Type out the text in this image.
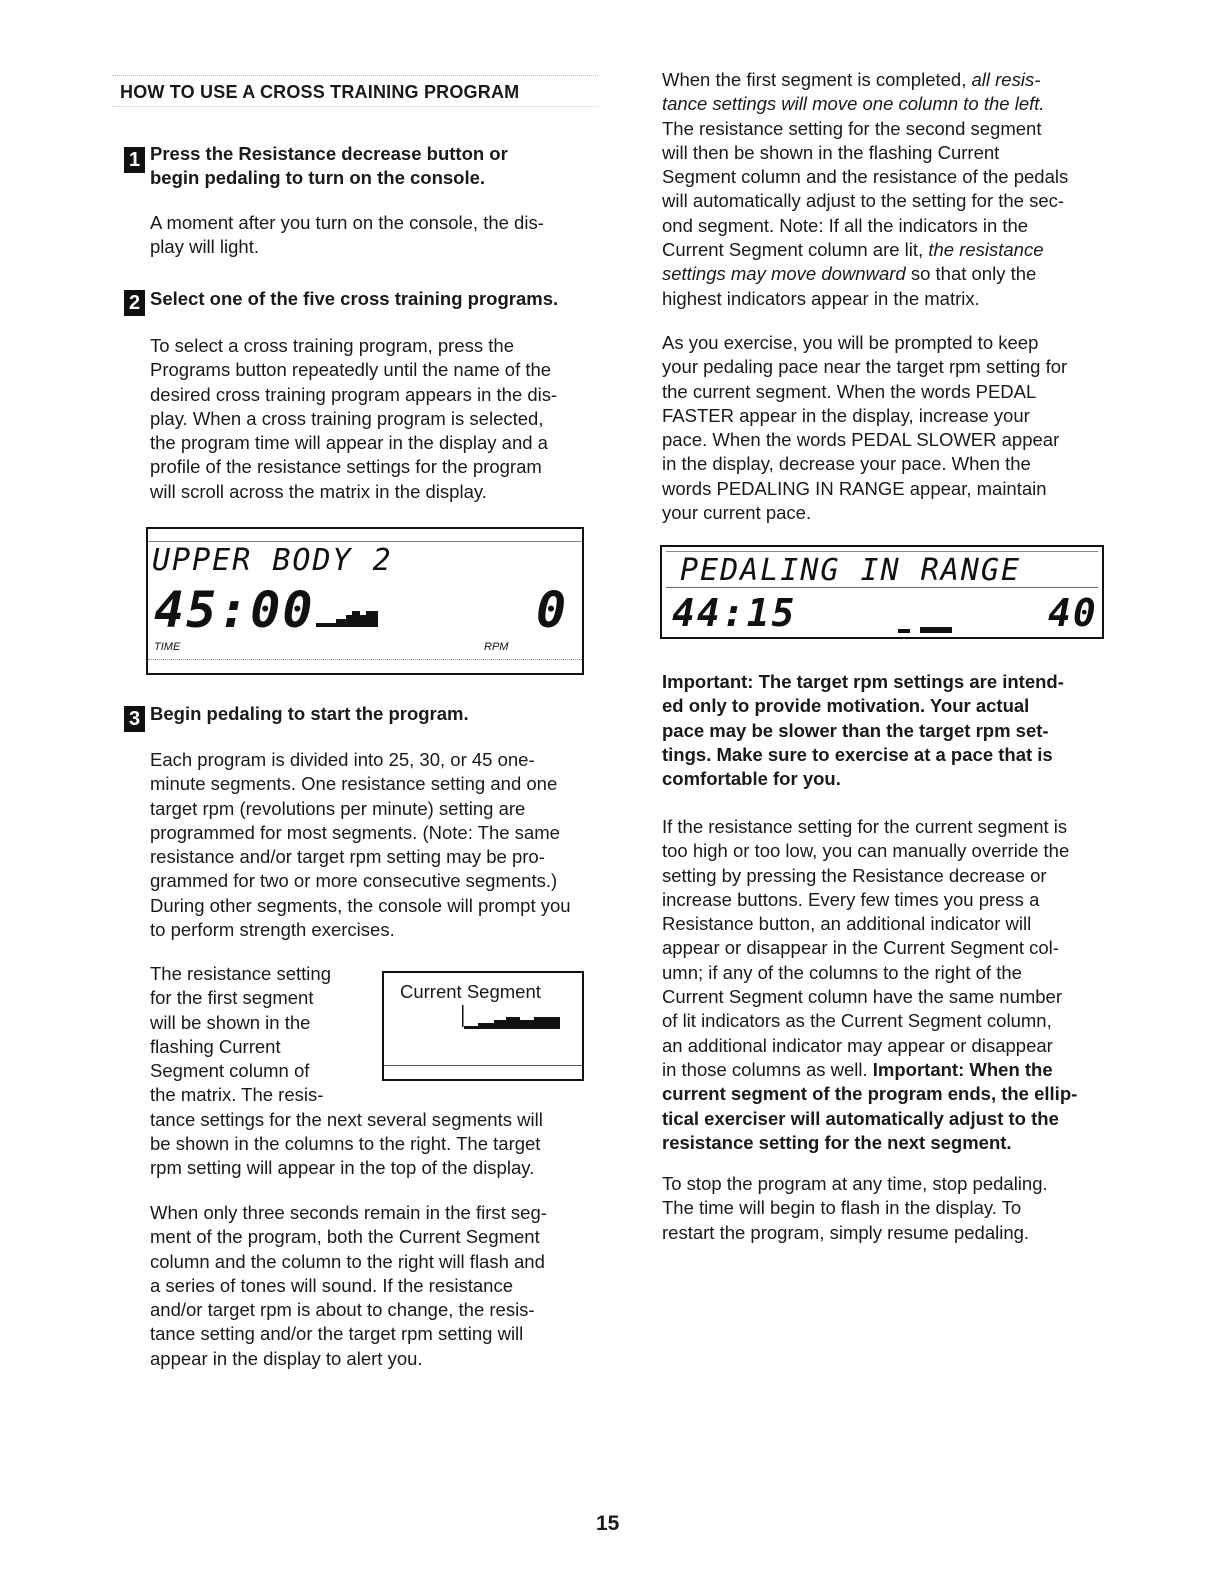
HOW TO USE A CROSS TRAINING PROGRAM
1 Press the Resistance decrease button or

begin pedaling to turn on the console.

A moment after you turn on the console, the dis-

play will light.

2 Select one of the five cross training programs.

To select a cross training program, press the

Programs button repeatedly until the name of the

desired cross training program appears in the dis-

play. When a cross training program is selected,

the program time will appear in the display and a

profile of the resistance settings for the program

will scroll across the matrix in the display.

UPPER BODY 2
45:00	0
TIME	RPM
3 Begin pedaling to start the program.

Each program is divided into 25, 30, or 45 one-

minute segments. One resistance setting and one

target rpm (revolutions per minute) setting are

programmed for most segments. (Note: The same

resistance and/or target rpm setting may be pro-

grammed for two or more consecutive segments.)

During other segments, the console will prompt you

to perform strength exercises.

The resistance setting

for the first segment

will be shown in the

flashing Current

Segment column of

the matrix. The resis-

tance settings for the next several segments will

be shown in the columns to the right. The target

rpm setting will appear in the top of the display.

Current Segment

When only three seconds remain in the first seg-

ment of the program, both the Current Segment

column and the column to the right will flash and

a series of tones will sound. If the resistance

and/or target rpm is about to change, the resis-

tance setting and/or the target rpm setting will

appear in the display to alert you.

When the first segment is completed, all resis-

tance settings will move one column to the left.

The resistance setting for the second segment

will then be shown in the flashing Current

Segment column and the resistance of the pedals

will automatically adjust to the setting for the sec-

ond segment. Note: If all the indicators in the

Current Segment column are lit, the resistance

settings may move downward so that only the

highest indicators appear in the matrix.

As you exercise, you will be prompted to keep

your pedaling pace near the target rpm setting for

the current segment. When the words PEDAL

FASTER appear in the display, increase your

pace. When the words PEDAL SLOWER appear

in the display, decrease your pace. When the

words PEDALING IN RANGE appear, maintain

your current pace.

PEDALING IN RANGE
44:15	40

Important: The target rpm settings are intend-

ed only to provide motivation. Your actual

pace may be slower than the target rpm set-

tings. Make sure to exercise at a pace that is

comfortable for you.

If the resistance setting for the current segment is

too high or too low, you can manually override the

setting by pressing the Resistance decrease or

increase buttons. Every few times you press a

Resistance button, an additional indicator will

appear or disappear in the Current Segment col-

umn; if any of the columns to the right of the

Current Segment column have the same number

of lit indicators as the Current Segment column,

an additional indicator may appear or disappear

in those columns as well. Important: When the

current segment of the program ends, the ellip-

tical exerciser will automatically adjust to the

resistance setting for the next segment.

To stop the program at any time, stop pedaling.

The time will begin to flash in the display. To

restart the program, simply resume pedaling.

15
